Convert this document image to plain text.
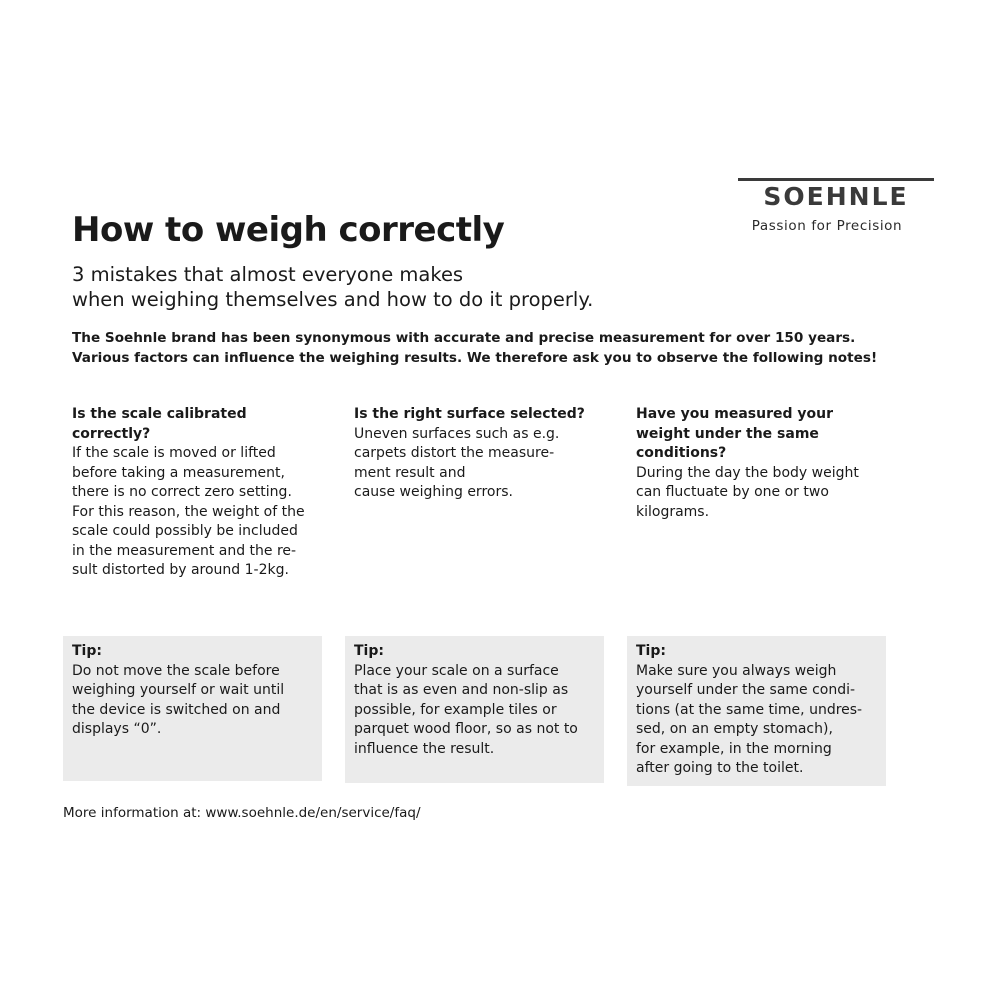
SOEHNLE
Passion for Precision
How to weigh correctly
3 mistakes that almost everyone makes
when weighing themselves and how to do it properly.
The Soehnle brand has been synonymous with accurate and precise measurement for over 150 years.
Various factors can influence the weighing results. We therefore ask you to observe the following notes!
Is the scale calibrated
correctly?

If the scale is moved or lifted
before taking a measurement,
there is no correct zero setting.
For this reason, the weight of the
scale could possibly be included
in the measurement and the re-
sult distorted by around 1-2kg.

Is the right surface selected?

Uneven surfaces such as e.g.
carpets distort the measure-
ment result and
cause weighing errors.

Have you measured your
weight under the same
conditions?

During the day the body weight
can fluctuate by one or two
kilograms.

Tip:

Do not move the scale before
weighing yourself or wait until
the device is switched on and
displays “0”.

Tip:

Place your scale on a surface
that is as even and non-slip as
possible, for example tiles or
parquet wood floor, so as not to
influence the result.

Tip:

Make sure you always weigh
yourself under the same condi-
tions (at the same time, undres-
sed, on an empty stomach),
for example, in the morning
after going to the toilet.

More information at: www.soehnle.de/en/service/faq/
